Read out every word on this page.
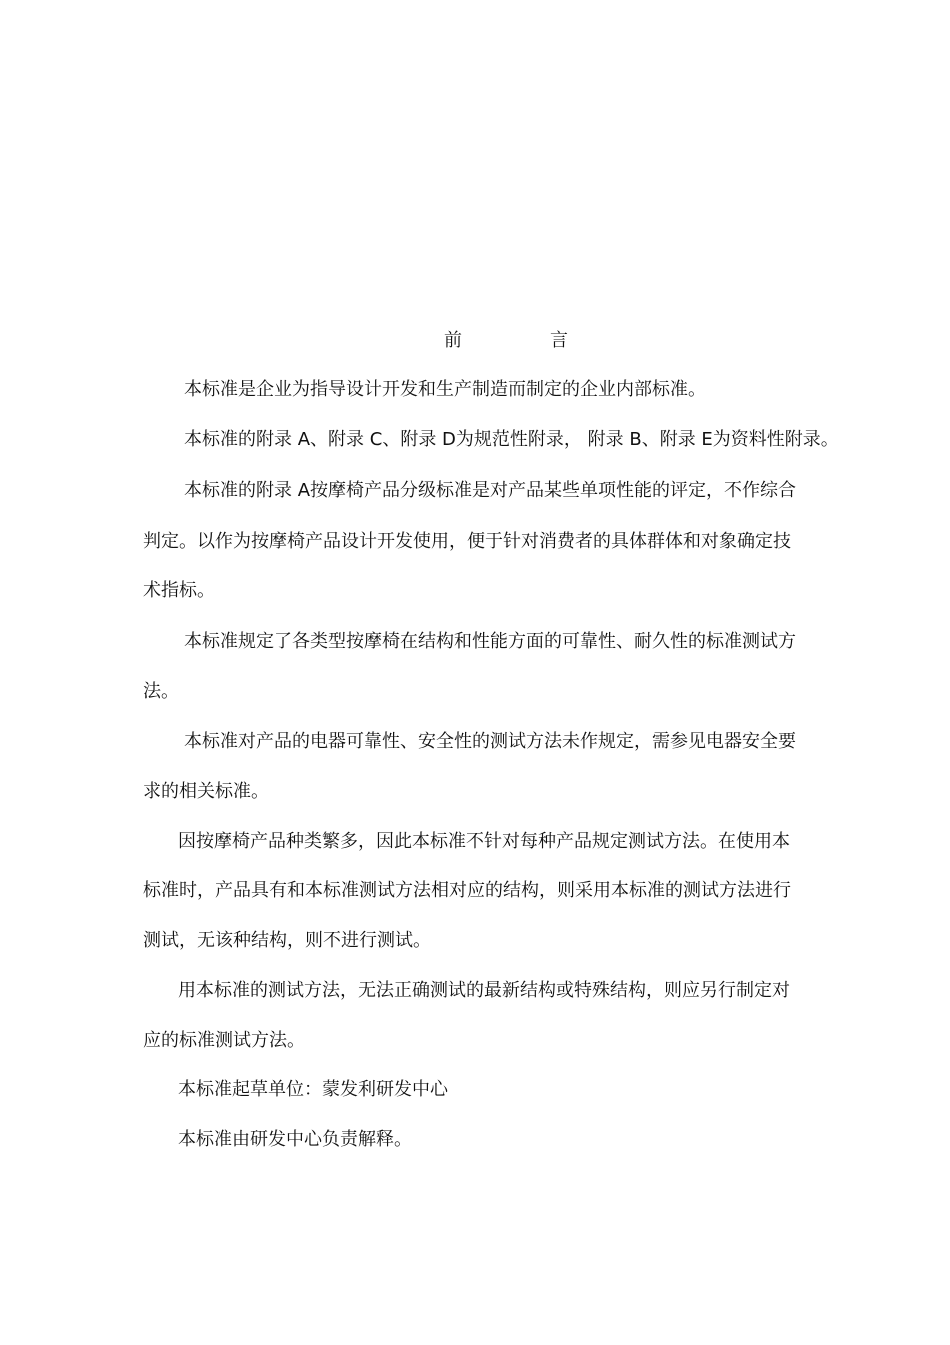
前	言
本标准是企业为指导设计开发和生产制造而制定的企业内部标准。
本标准的附录 A、附录 C、附录 D为规范性附录， 附录 B、附录 E为资料性附录。
本标准的附录 A按摩椅产品分级标准是对产品某些单项性能的评定，不作综合
判定。以作为按摩椅产品设计开发使用，便于针对消费者的具体群体和对象确定技
术指标。
本标准规定了各类型按摩椅在结构和性能方面的可靠性、耐久性的标准测试方
法。
本标准对产品的电器可靠性、安全性的测试方法未作规定，需参见电器安全要
求的相关标准。
因按摩椅产品种类繁多，因此本标准不针对每种产品规定测试方法。在使用本
标准时，产品具有和本标准测试方法相对应的结构，则采用本标准的测试方法进行
测试，无该种结构，则不进行测试。
用本标准的测试方法，无法正确测试的最新结构或特殊结构，则应另行制定对
应的标准测试方法。
本标准起草单位：蒙发利研发中心
本标准由研发中心负责解释。
